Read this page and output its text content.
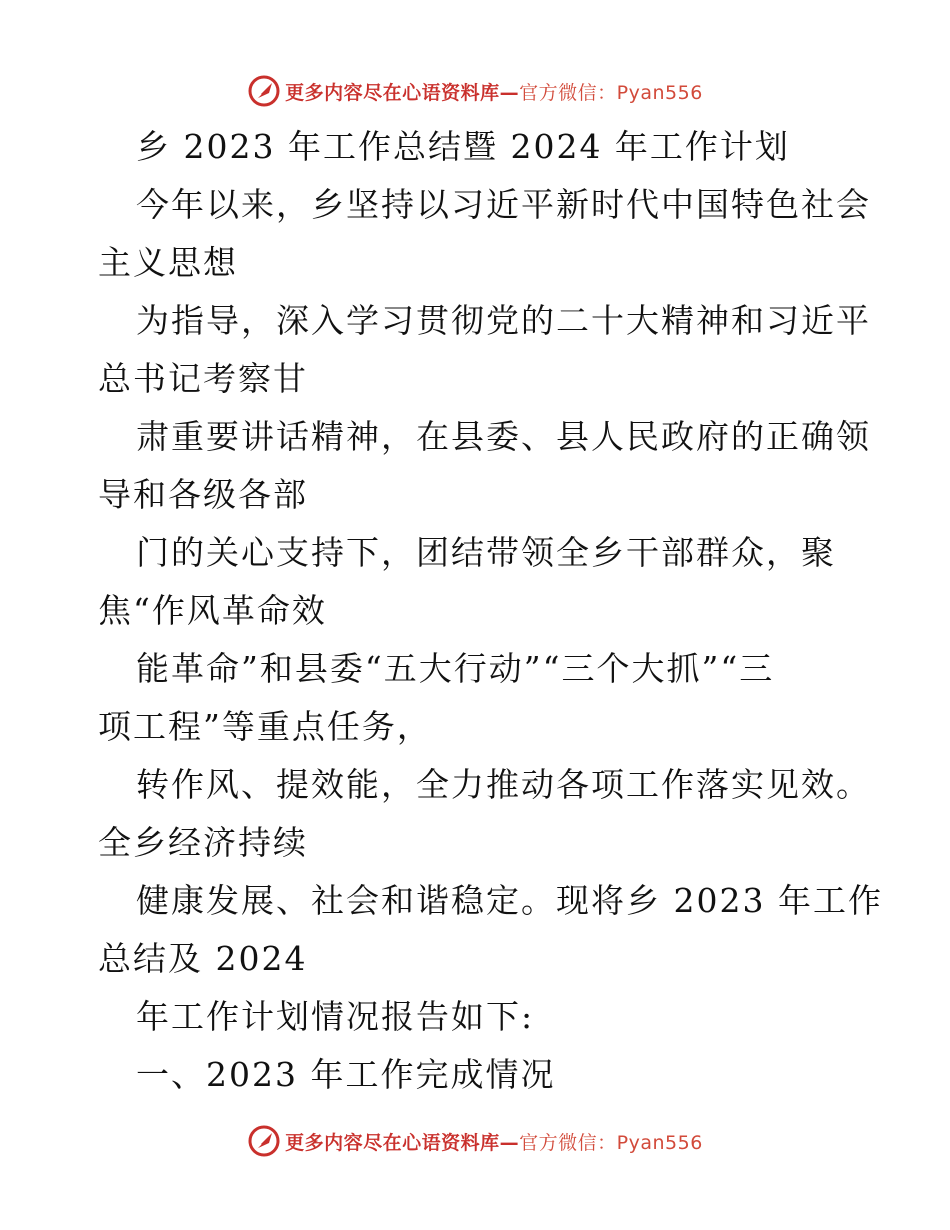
更多内容尽在心语资料库—官方微信：Pyan556
乡 2023 年工作总结暨 2024 年工作计划
今年以来，乡坚持以习近平新时代中国特色社会
主义思想
为指导，深入学习贯彻党的二十大精神和习近平
总书记考察甘
肃重要讲话精神，在县委、县人民政府的正确领
导和各级各部
门的关心支持下，团结带领全乡干部群众，聚
焦“作风革命效
能革命”和县委“五大行动”“三个大抓”“三
项工程”等重点任务，
转作风、提效能，全力推动各项工作落实见效。
全乡经济持续
健康发展、社会和谐稳定。现将乡 2023 年工作
总结及 2024
年工作计划情况报告如下:
一、2023 年工作完成情况
更多内容尽在心语资料库—官方微信：Pyan556
